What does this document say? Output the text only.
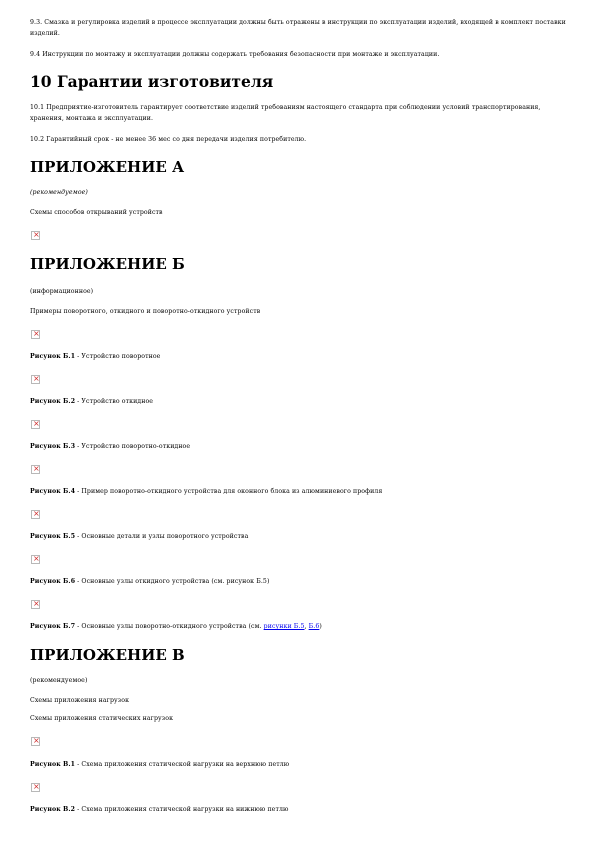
9.3. Смазка и регулировка изделий в процессе эксплуатации должны быть отражены в инструкции по эксплуатации изделий, входящей в комплект поставки изделий.

9.4 Инструкции по монтажу и эксплуатации должны содержать требования безопасности при монтаже и эксплуатации.

10 Гарантии изготовителя

10.1 Предприятие-изготовитель гарантирует соответствие изделий требованиям настоящего стандарта при соблюдении условий транспортирования, хранения, монтажа и эксплуатации.

10.2 Гарантийный срок - не менее 36 мес со дня передачи изделия потребителю.

ПРИЛОЖЕНИЕ А

(рекомендуемое)

Схемы способов открываний устройств

×
ПРИЛОЖЕНИЕ Б

(информационное)

Примеры поворотного, откидного и поворотно-откидного устройств

×

Рисунок Б.1 - Устройство поворотное

×

Рисунок Б.2 - Устройство откидное

×

Рисунок Б.3 - Устройство поворотно-откидное

×

Рисунок Б.4 - Пример поворотно-откидного устройства для оконного блока из алюминиевого профиля

×

Рисунок Б.5 - Основные детали и узлы поворотного устройства

×

Рисунок Б.6 - Основные узлы откидного устройства (см. рисунок Б.5)

×

Рисунок Б.7 - Основные узлы поворотно-откидного устройства (см. рисунки Б.5, Б.6)

ПРИЛОЖЕНИЕ В

(рекомендуемое)

Схемы приложения нагрузок

Схемы приложения статических нагрузок

×

Рисунок В.1 - Схема приложения статической нагрузки на верхнюю петлю

×

Рисунок В.2 - Схема приложения статической нагрузки на нижнюю петлю
